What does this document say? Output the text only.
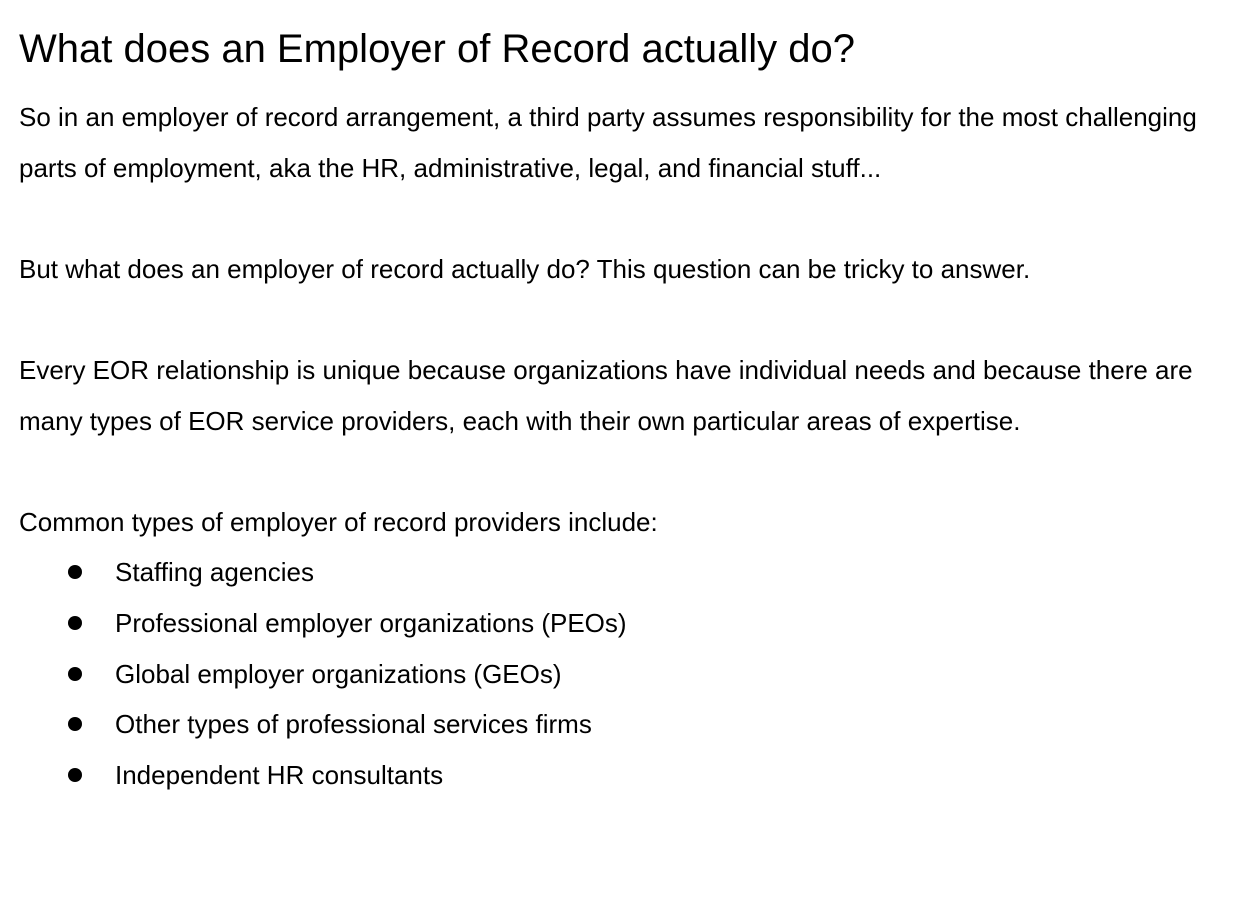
What does an Employer of Record actually do?

So in an employer of record arrangement, a third party assumes responsibility for the most challenging parts of employment, aka the HR, administrative, legal, and financial stuff...

But what does an employer of record actually do? This question can be tricky to answer.

Every EOR relationship is unique because organizations have individual needs and because there are many types of EOR service providers, each with their own particular areas of expertise.

Common types of employer of record providers include:

Staffing agencies
Professional employer organizations (PEOs)
Global employer organizations (GEOs)
Other types of professional services firms
Independent HR consultants
